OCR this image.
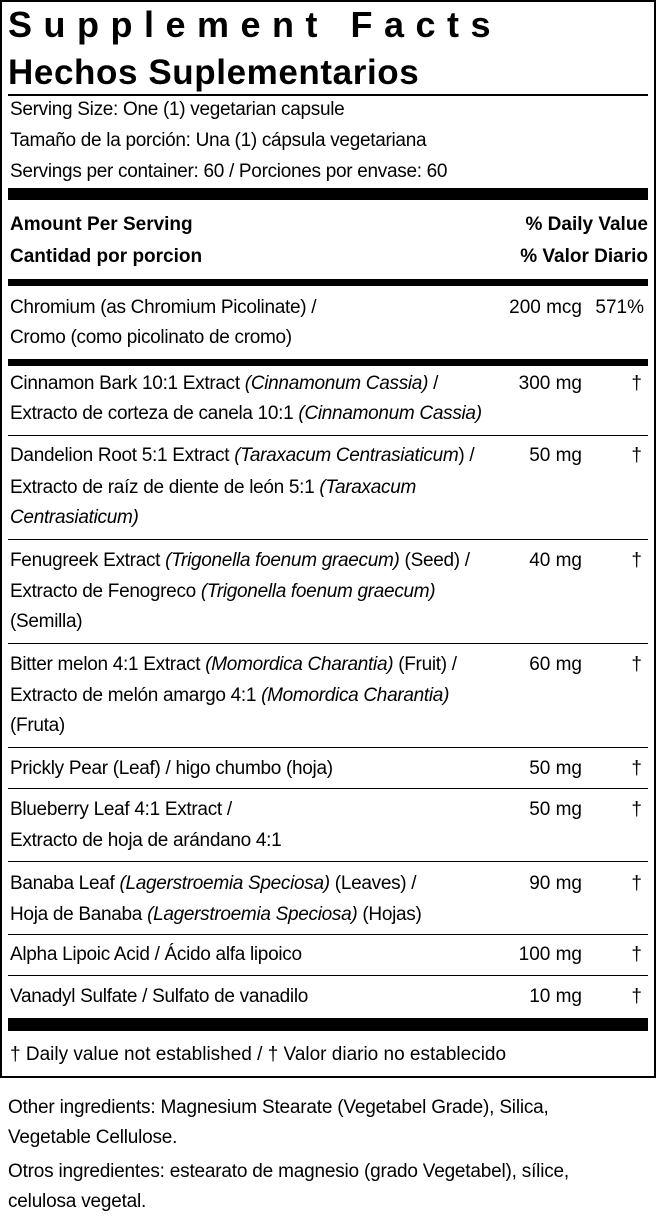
Supplement Facts
Hechos Suplementarios
Serving Size: One (1) vegetarian capsule
Tamaño de la porción: Una (1) cápsula vegetariana
Servings per container: 60 / Porciones por envase: 60
Amount Per Serving
Cantidad por porcion
% Daily Value
% Valor Diario
Chromium (as Chromium Picolinate) /
Cromo (como picolinato de cromo)
200 mcg 571%
Cinnamon Bark 10:1 Extract (Cinnamonum Cassia) /
Extracto de corteza de canela 10:1 (Cinnamonum Cassia)
300 mg	†
Dandelion Root 5:1 Extract (Taraxacum Centrasiaticum) /
Extracto de raíz de diente de león 5:1 (Taraxacum
Centrasiaticum)
50 mg	†
Fenugreek Extract (Trigonella foenum graecum) (Seed) /
Extracto de Fenogreco (Trigonella foenum graecum)
(Semilla)
40 mg	†
Bitter melon 4:1 Extract (Momordica Charantia) (Fruit) /
Extracto de melón amargo 4:1 (Momordica Charantia)
(Fruta)
60 mg	†
Prickly Pear (Leaf) / higo chumbo (hoja)	50 mg	†
Blueberry Leaf 4:1 Extract /
Extracto de hoja de arándano 4:1
50 mg	†
Banaba Leaf (Lagerstroemia Speciosa) (Leaves) /
Hoja de Banaba (Lagerstroemia Speciosa) (Hojas)
90 mg	†
Alpha Lipoic Acid / Ácido alfa lipoico	100 mg	†
Vanadyl Sulfate / Sulfato de vanadilo	10 mg	†
† Daily value not established / † Valor diario no establecido
Other ingredients: Magnesium Stearate (Vegetabel Grade), Silica,
Vegetable Cellulose.
Otros ingredientes: estearato de magnesio (grado Vegetabel), sílice,
celulosa vegetal.
